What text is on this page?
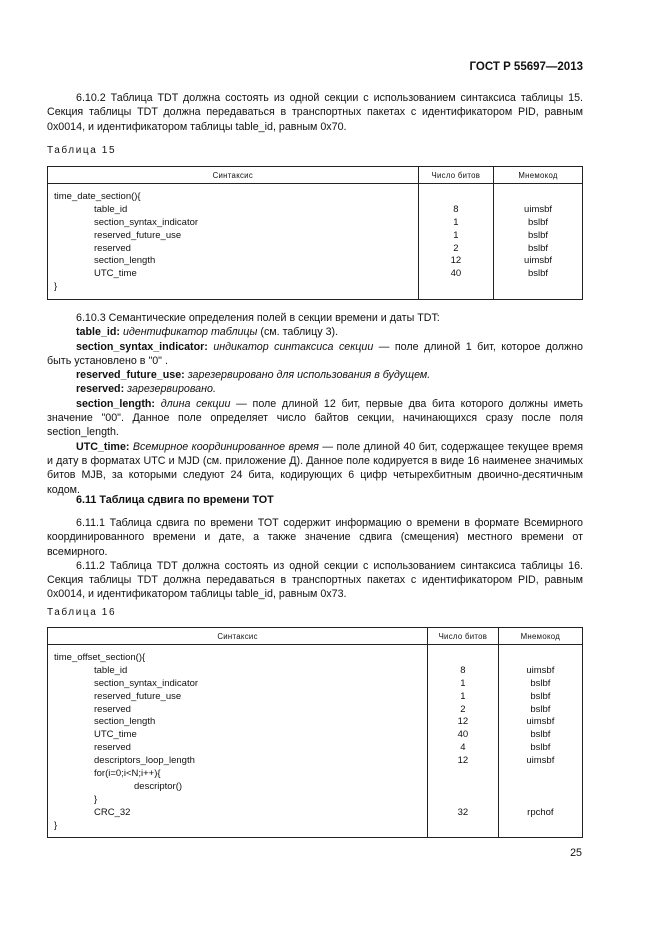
ГОСТ Р 55697—2013

6.10.2 Таблица TDT должна состоять из одной секции с использованием синтаксиса таблицы 15. Секция таблицы TDT должна передаваться в транспортных пакетах с идентификатором PID, равным 0x0014, и идентификатором таблицы table_id, равным 0x70.

Таблица 15
Синтаксис	Число битов	Мнемокод

time_date_section(){		
table_id	8	uimsbf
section_syntax_indicator	1	bslbf
reserved_future_use	1	bslbf
reserved	2	bslbf
section_length	12	uimsbf
UTC_time	40	bslbf
}		

6.10.3 Семантические определения полей в секции времени и даты TDT:

table_id: идентификатор таблицы (см. таблицу 3).

section_syntax_indicator: индикатор синтаксиса секции — поле длиной 1 бит, которое должно быть установлено в "0" .

reserved_future_use: зарезервировано для использования в будущем.

reserved: зарезервировано.

section_length: длина секции — поле длиной 12 бит, первые два бита которого должны иметь значение "00". Данное поле определяет число байтов секции, начинающихся сразу после поля section_length.

UTC_time: Всемирное координированное время — поле длиной 40 бит, содержащее текущее время и дату в форматах UTC и MJD (см. приложение Д). Данное поле кодируется в виде 16 наименее значимых битов MJB, за которыми следуют 24 бита, кодирующих 6 цифр четырехбитным двоично-десятичным кодом.

6.11 Таблица сдвига по времени ТОТ

6.11.1 Таблица сдвига по времени ТОТ содержит информацию о времени в формате Всемирного координированного времени и дате, а также значение сдвига (смещения) местного времени от всемирного.

6.11.2 Таблица TDT должна состоять из одной секции с использованием синтаксиса таблицы 16. Секция таблицы TDT должна передаваться в транспортных пакетах с идентификатором PID, равным 0x0014, и идентификатором таблицы table_id, равным 0x73.

Таблица 16
Синтаксис	Число битов	Мнемокод

time_offset_section(){		
table_id	8	uimsbf
section_syntax_indicator	1	bslbf
reserved_future_use	1	bslbf
reserved	2	bslbf
section_length	12	uimsbf
UTC_time	40	bslbf
reserved	4	bslbf
descriptors_loop_length	12	uimsbf
for(i=0;i<N;i++){		
descriptor()		
}		
CRC_32	32	rpchof
}		

25
